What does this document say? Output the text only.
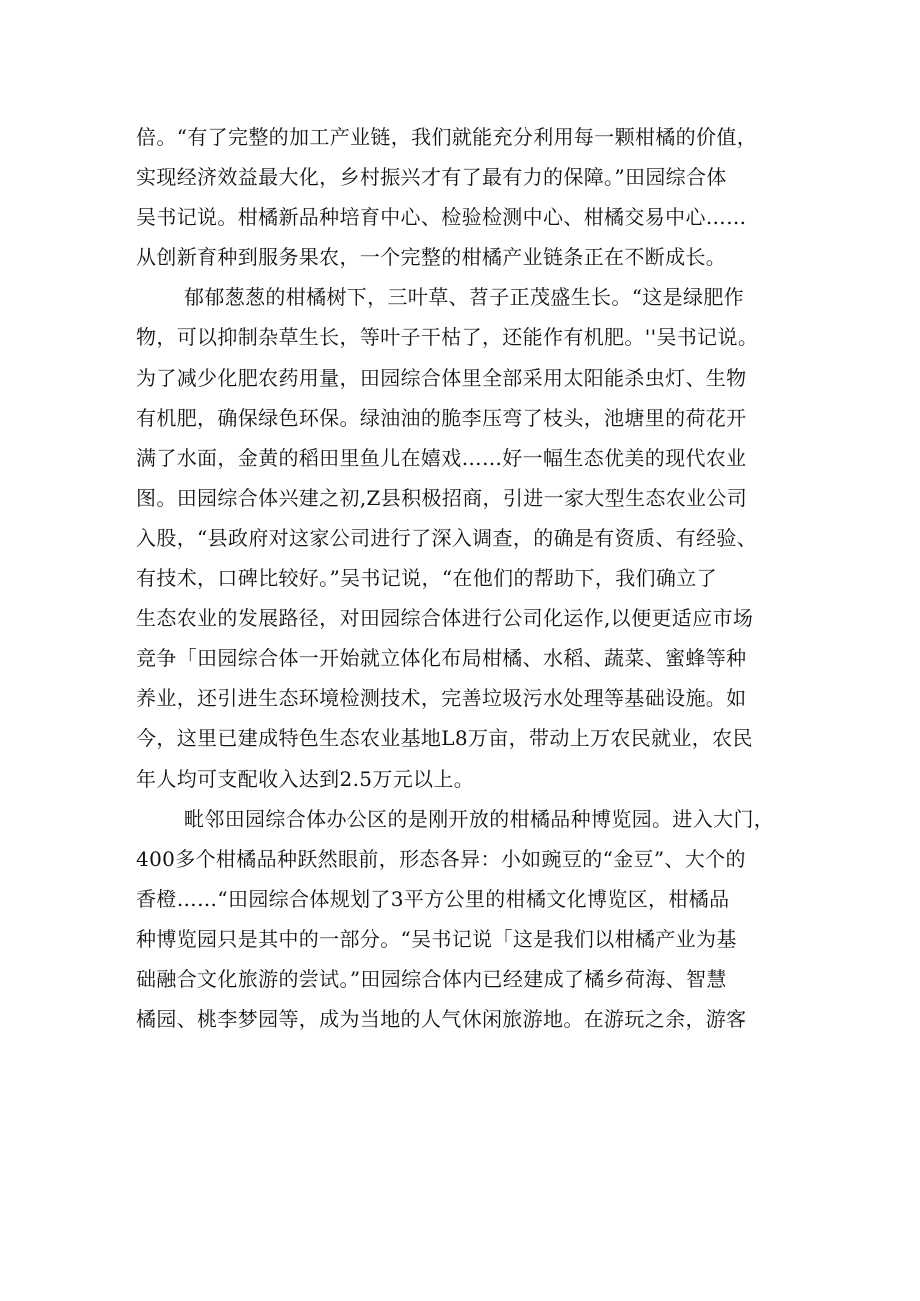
倍。“有了完整的加工产业链，我们就能充分利用每一颗柑橘的价值，
实现经济效益最大化，乡村振兴才有了最有力的保障。”田园综合体
吴书记说。柑橘新品种培育中心、检验检测中心、柑橘交易中心……
从创新育种到服务果农，一个完整的柑橘产业链条正在不断成长。
郁郁葱葱的柑橘树下，三叶草、苕子正茂盛生长。“这是绿肥作
物，可以抑制杂草生长，等叶子干枯了，还能作有机肥。''吴书记说。
为了减少化肥农药用量，田园综合体里全部采用太阳能杀虫灯、生物
有机肥，确保绿色环保。绿油油的脆李压弯了枝头，池塘里的荷花开
满了水面，金黄的稻田里鱼儿在嬉戏……好一幅生态优美的现代农业
图。田园综合体兴建之初,Z县积极招商，引进一家大型生态农业公司
入股，“县政府对这家公司进行了深入调查，的确是有资质、有经验、
有技术，口碑比较好。”吴书记说，“在他们的帮助下，我们确立了
生态农业的发展路径，对田园综合体进行公司化运作,以便更适应市场
竞争「田园综合体一开始就立体化布局柑橘、水稻、蔬菜、蜜蜂等种
养业，还引进生态环境检测技术，完善垃圾污水处理等基础设施。如
今，这里已建成特色生态农业基地L8万亩，带动上万农民就业，农民
年人均可支配收入达到2.5万元以上。
毗邻田园综合体办公区的是刚开放的柑橘品种博览园。进入大门，
400多个柑橘品种跃然眼前，形态各异：小如豌豆的“金豆”、大个的
香橙……“田园综合体规划了3平方公里的柑橘文化博览区，柑橘品
种博览园只是其中的一部分。“吴书记说「这是我们以柑橘产业为基
础融合文化旅游的尝试。”田园综合体内已经建成了橘乡荷海、智慧
橘园、桃李梦园等，成为当地的人气休闲旅游地。在游玩之余，游客
